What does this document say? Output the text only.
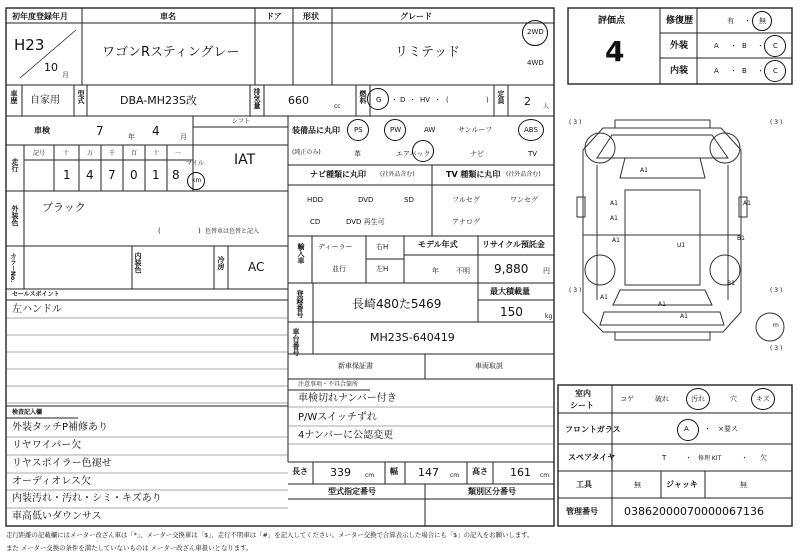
初年度登録年月	車名	ドア	形状	グレード
H23
10
月
ワゴンRスティングレー	リミテッド
2WD
4WD
評価点
4
修復歴	有 ・ 無
外装	A ・ B ・ C
内装	A ・ B ・ C
車歴 自家用 型式	DBA-MH23S改	排気量 660	cc
燃料 G ・ D ・ HV ・ (	) 定員 2 人
車検	7	年 4	月
シフト
IAT
走行
記号	十	万	千	百	十	一
1 4 7 0 1 8
マイル
km
装備品に丸印
(純正のみ)
PS	PW	AW	サンルーフ	ABS
革	エアバック	ナビ	TV
ナビ種類に丸印 (社外品含む)
HDD	DVD	SD
CD	DVD 再生可
TV 種類に丸印 (社外品含む)
フルセグ	ワンセグ
アナログ
外装色 ブラック
(	) 色替車は色替と記入
カラーNo.	内装色	冷房 AC
輸入車 ディーラー
並行
右H
左H
モデル年式
年 不明
リサイクル預託金
9,880 円
セールスポイント
左ハンドル	登録番号	長崎480た5469
最大積載量
150	kg
車台番号	MH23S-640419
新車保証書	車両取説
注意事項・不具合箇所
車検切れナンバー付き
P/Wスイッチずれ
4ナンバーに公認変更
検査記入欄
外装タッチP補修あり
リヤワイパー欠
リヤスポイラー色褪せ
オーディオレス欠
内装汚れ・汚れ・シミ・キズあり
車高低いダウンサス
長さ 339 cm 幅 147 cm 高さ 161 cm
型式指定番号	類別区分番号
室内
シート
コゲ	破れ	汚れ	穴	キズ
フロントガラス	A ・ ×要ス
スペアタイヤ	T	・ 修理 KIT	・ 欠
工具	無	ジャッキ	無
管理番号 03862000070000067136
( 3 )	( 3 )
( 3 )	( 3 )
( 3 )
A1
A1
A1
A1
B1
U1
A1
B1
A1
A1
A1
m
走行距離の記載欄にはメーター改ざん車は「*」、メーター交換車は「$」、走行不明車は「#」を記入してください。メーター交換で合算表示した場合にも「$」の記入をお願いします。
また メーター交換の条件を満たしていないものは メーター改ざん車扱いとなります。
